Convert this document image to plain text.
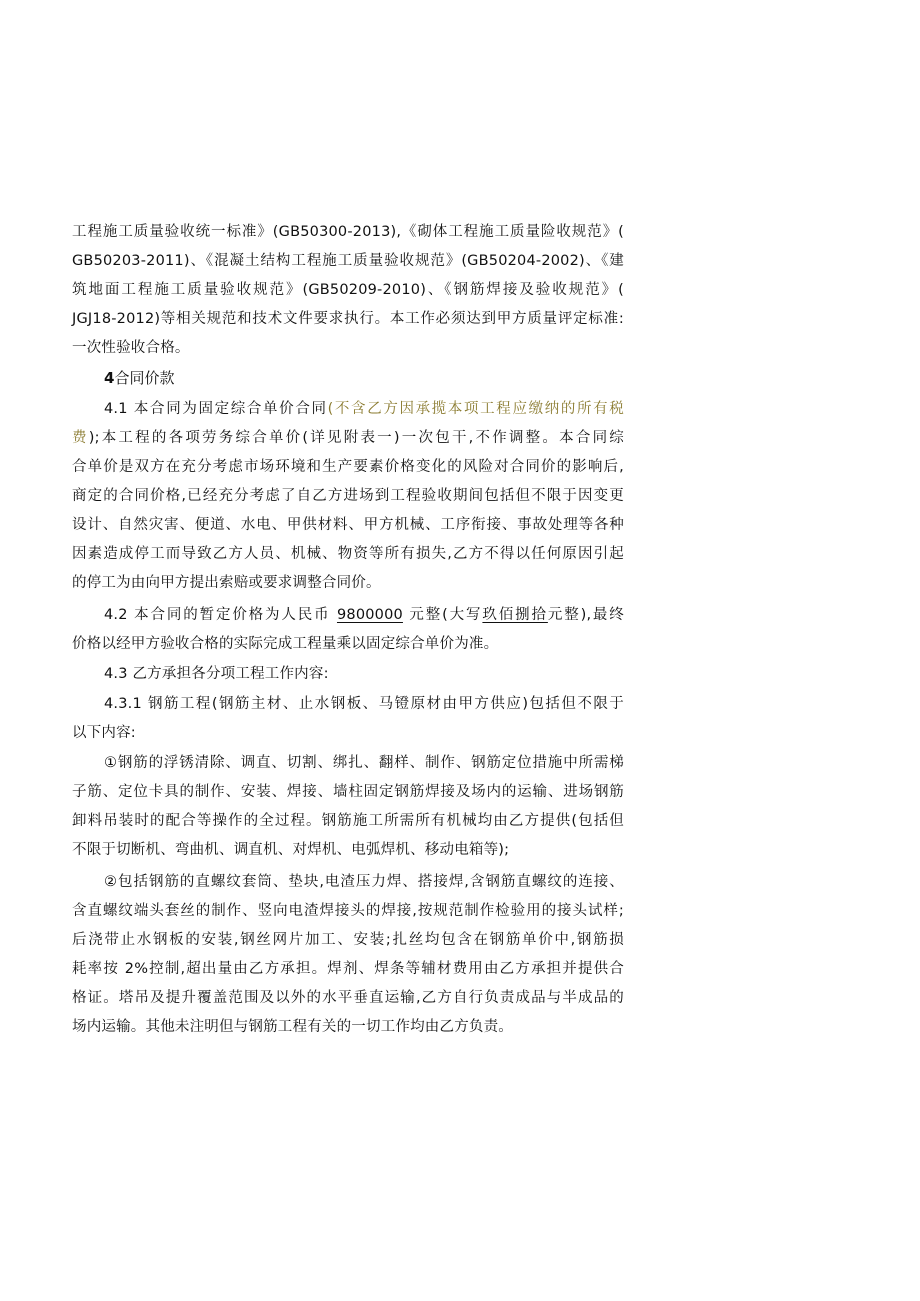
工程施工质量验收统一标准》(GB50300-2013),《砌体工程施工质量险收规范》(
GB50203-2011)、《混凝土结构工程施工质量验收规范》(GB50204-2002)、《建
筑地面工程施工质量验收规范》(GB50209-2010)、《钢筋焊接及验收规范》(
JGJ18-2012)等相关规范和技术文件要求执行。本工作必须达到甲方质量评定标准:
一次性验收合格。
4合同价款
4.1 本合同为固定综合单价合同(不含乙方因承揽本项工程应缴纳的所有税
费);本工程的各项劳务综合单价(详见附表一)一次包干,不作调整。本合同综
合单价是双方在充分考虑市场环境和生产要素价格变化的风险对合同价的影响后,
商定的合同价格,已经充分考虑了自乙方进场到工程验收期间包括但不限于因变更
设计、自然灾害、便道、水电、甲供材料、甲方机械、工序衔接、事故处理等各种
因素造成停工而导致乙方人员、机械、物资等所有损失,乙方不得以任何原因引起
的停工为由向甲方提出索赔或要求调整合同价。
4.2 本合同的暂定价格为人民币 9800000 元整(大写玖佰捌拾元整),最终
价格以经甲方验收合格的实际完成工程量乘以固定综合单价为准。
4.3 乙方承担各分项工程工作内容:
4.3.1 钢筋工程(钢筋主材、止水钢板、马镫原材由甲方供应)包括但不限于
以下内容:
①钢筋的浮锈清除、调直、切割、绑扎、翻样、制作、钢筋定位措施中所需梯
子筋、定位卡具的制作、安装、焊接、墙柱固定钢筋焊接及场内的运输、进场钢筋
卸料吊装时的配合等操作的全过程。钢筋施工所需所有机械均由乙方提供(包括但
不限于切断机、弯曲机、调直机、对焊机、电弧焊机、移动电箱等);
②包括钢筋的直螺纹套筒、垫块,电渣压力焊、搭接焊,含钢筋直螺纹的连接、
含直螺纹端头套丝的制作、竖向电渣焊接头的焊接,按规范制作检验用的接头试样;
后浇带止水钢板的安装,钢丝网片加工、安装;扎丝均包含在钢筋单价中,钢筋损
耗率按 2%控制,超出量由乙方承担。焊剂、焊条等辅材费用由乙方承担并提供合
格证。塔吊及提升覆盖范围及以外的水平垂直运输,乙方自行负责成品与半成品的
场内运输。其他未注明但与钢筋工程有关的一切工作均由乙方负责。
